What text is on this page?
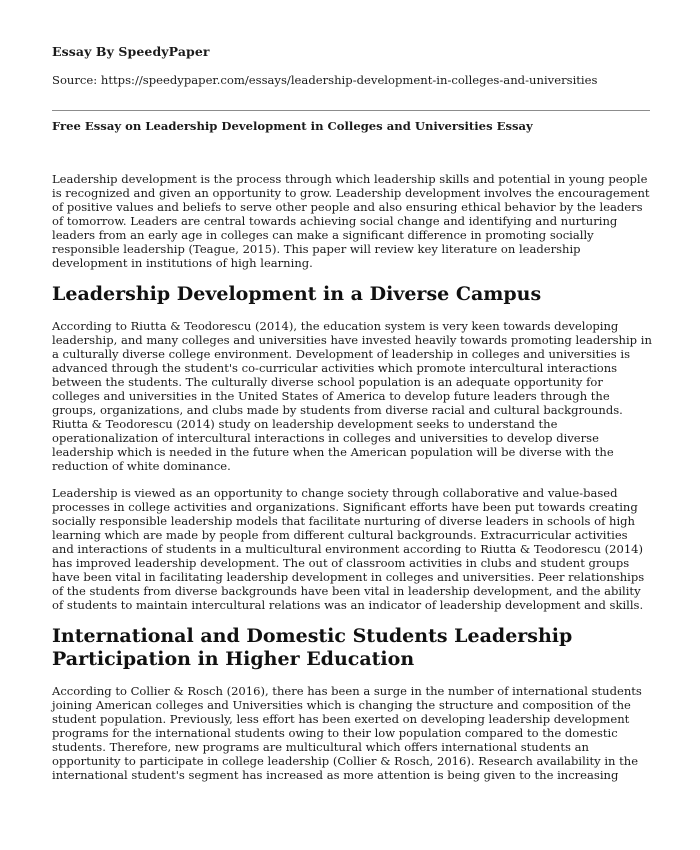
Essay By SpeedyPaper
Source: https://speedypaper.com/essays/leadership-development-in-colleges-and-universities
Free Essay on Leadership Development in Colleges and Universities Essay

Leadership development is the process through which leadership skills and potential in young people is recognized and given an opportunity to grow. Leadership development involves the encouragement of positive values and beliefs to serve other people and also ensuring ethical behavior by the leaders of tomorrow. Leaders are central towards achieving social change and identifying and nurturing leaders from an early age in colleges can make a significant difference in promoting socially responsible leadership (Teague, 2015). This paper will review key literature on leadership development in institutions of high learning.

Leadership Development in a Diverse Campus

According to Riutta & Teodorescu (2014), the education system is very keen towards developing leadership, and many colleges and universities have invested heavily towards promoting leadership in a culturally diverse college environment. Development of leadership in colleges and universities is advanced through the student's co-curricular activities which promote intercultural interactions between the students. The culturally diverse school population is an adequate opportunity for colleges and universities in the United States of America to develop future leaders through the groups, organizations, and clubs made by students from diverse racial and cultural backgrounds. Riutta & Teodorescu (2014) study on leadership development seeks to understand the operationalization of intercultural interactions in colleges and universities to develop diverse leadership which is needed in the future when the American population will be diverse with the reduction of white dominance.

Leadership is viewed as an opportunity to change society through collaborative and value-based processes in college activities and organizations. Significant efforts have been put towards creating socially responsible leadership models that facilitate nurturing of diverse leaders in schools of high learning which are made by people from different cultural backgrounds. Extracurricular activities and interactions of students in a multicultural environment according to Riutta & Teodorescu (2014) has improved leadership development. The out of classroom activities in clubs and student groups have been vital in facilitating leadership development in colleges and universities. Peer relationships of the students from diverse backgrounds have been vital in leadership development, and the ability of students to maintain intercultural relations was an indicator of leadership development and skills.

International and Domestic Students Leadership Participation in Higher Education

According to Collier & Rosch (2016), there has been a surge in the number of international students joining American colleges and Universities which is changing the structure and composition of the student population. Previously, less effort has been exerted on developing leadership development programs for the international students owing to their low population compared to the domestic students. Therefore, new programs are multicultural which offers international students an opportunity to participate in college leadership (Collier & Rosch, 2016). Research availability in the international student's segment has increased as more attention is being given to the increasing
